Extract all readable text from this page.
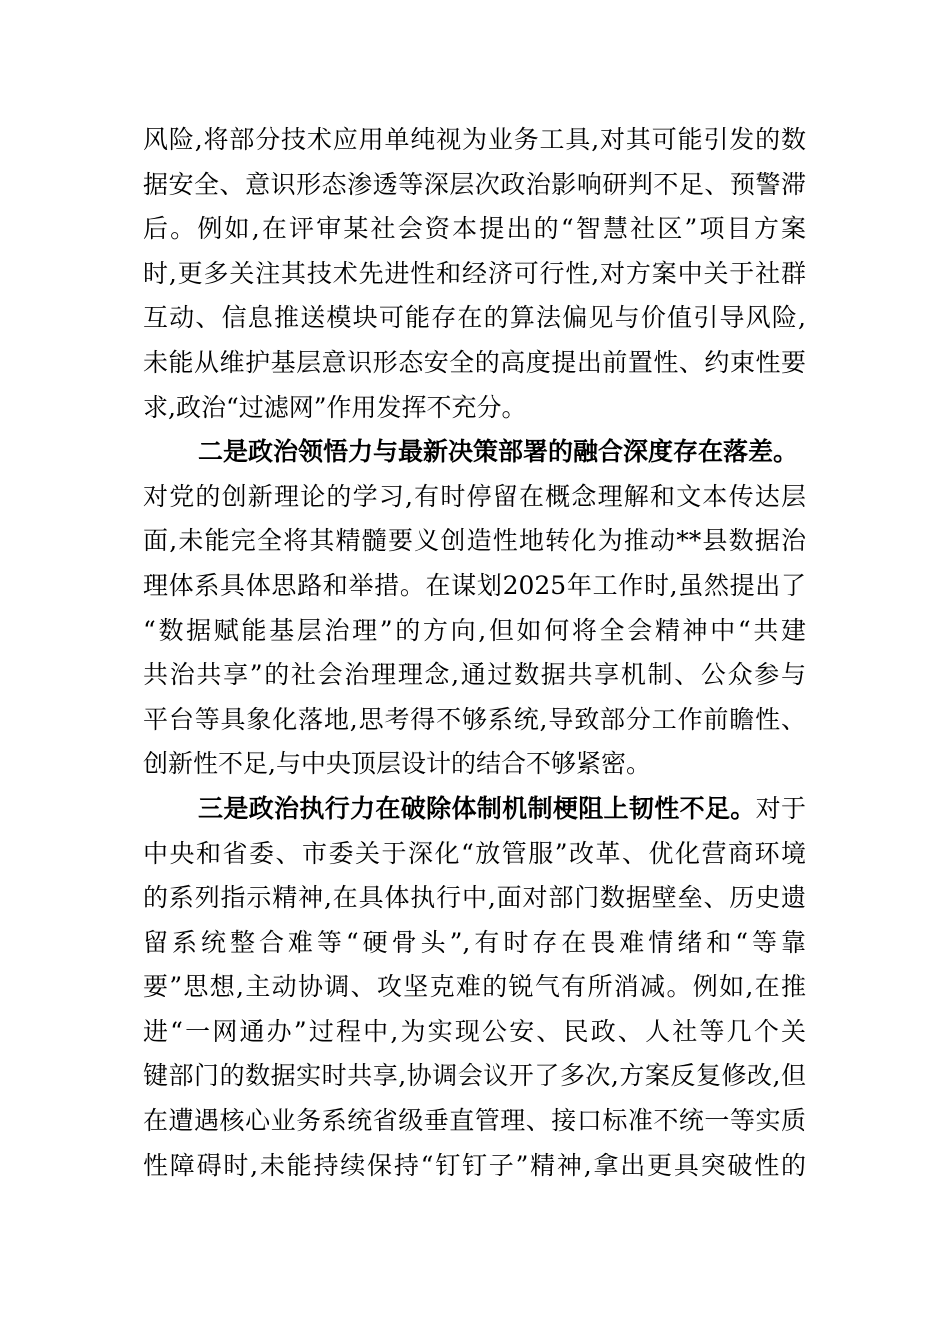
风险,将部分技术应用单纯视为业务工具,对其可能引发的数
据安全、意识形态渗透等深层次政治影响研判不足、预警滞
后。例如,在评审某社会资本提出的“智慧社区”项目方案
时,更多关注其技术先进性和经济可行性,对方案中关于社群
互动、信息推送模块可能存在的算法偏见与价值引导风险,
未能从维护基层意识形态安全的高度提出前置性、约束性要
求,政治“过滤网”作用发挥不充分。
二是政治领悟力与最新决策部署的融合深度存在落差。
对党的创新理论的学习,有时停留在概念理解和文本传达层
面,未能完全将其精髓要义创造性地转化为推动**县数据治
理体系具体思路和举措。在谋划2025年工作时,虽然提出了
“数据赋能基层治理”的方向,但如何将全会精神中“共建
共治共享”的社会治理理念,通过数据共享机制、公众参与
平台等具象化落地,思考得不够系统,导致部分工作前瞻性、
创新性不足,与中央顶层设计的结合不够紧密。
三是政治执行力在破除体制机制梗阻上韧性不足。对于
中央和省委、市委关于深化“放管服”改革、优化营商环境
的系列指示精神,在具体执行中,面对部门数据壁垒、历史遗
留系统整合难等“硬骨头”,有时存在畏难情绪和“等靠
要”思想,主动协调、攻坚克难的锐气有所消减。例如,在推
进“一网通办”过程中,为实现公安、民政、人社等几个关
键部门的数据实时共享,协调会议开了多次,方案反复修改,但
在遭遇核心业务系统省级垂直管理、接口标准不统一等实质
性障碍时,未能持续保持“钉钉子”精神,拿出更具突破性的
